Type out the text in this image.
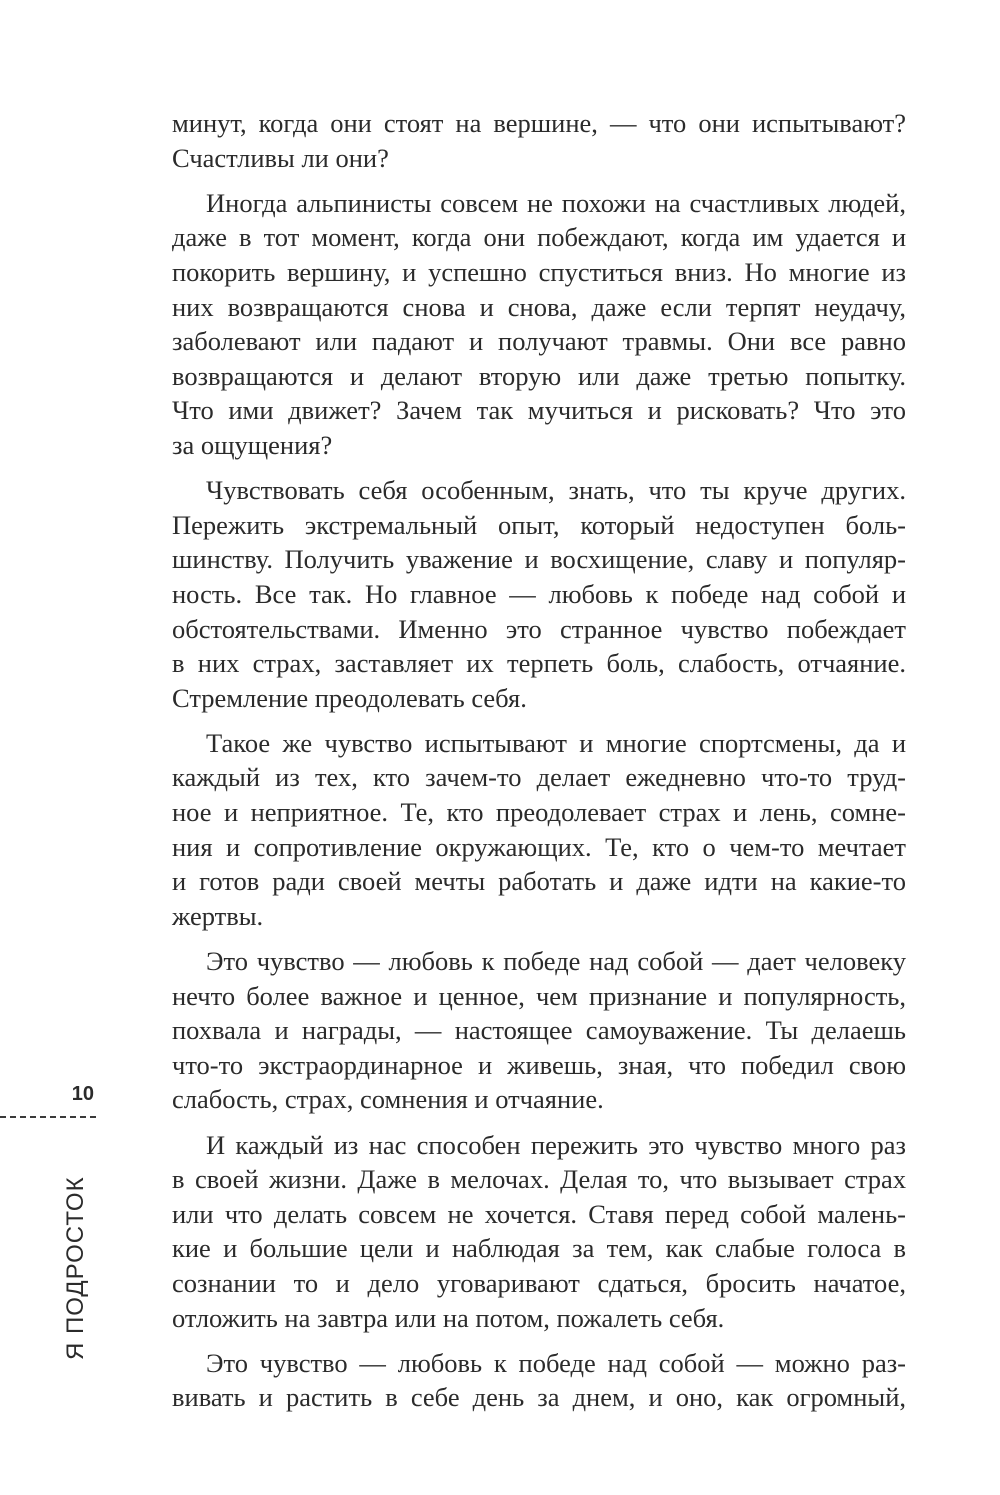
минут, когда они стоят на вершине, — что они испытывают?
Счастливы ли они?
Иногда альпинисты совсем не похожи на счастливых людей,
даже в тот момент, когда они побеждают, когда им удается и
покорить вершину, и успешно спуститься вниз. Но многие из
них возвращаются снова и снова, даже если терпят неудачу,
заболевают или падают и получают травмы. Они все равно
возвращаются и делают вторую или даже третью попытку.
Что ими движет? Зачем так мучиться и рисковать? Что это
за ощущения?
Чувствовать себя особенным, знать, что ты круче других.
Пережить экстремальный опыт, который недоступен боль-
шинству. Получить уважение и восхищение, славу и популяр-
ность. Все так. Но главное — любовь к победе над собой и
обстоятельствами. Именно это странное чувство побеждает
в них страх, заставляет их терпеть боль, слабость, отчаяние.
Стремление преодолевать себя.
Такое же чувство испытывают и многие спортсмены, да и
каждый из тех, кто зачем-то делает ежедневно что-то труд-
ное и неприятное. Те, кто преодолевает страх и лень, сомне-
ния и сопротивление окружающих. Те, кто о чем-то мечтает
и готов ради своей мечты работать и даже идти на какие-то
жертвы.
Это чувство — любовь к победе над собой — дает человеку
нечто более важное и ценное, чем признание и популярность,
похвала и награды, — настоящее самоуважение. Ты делаешь
что-то экстраординарное и живешь, зная, что победил свою
слабость, страх, сомнения и отчаяние.
И каждый из нас способен пережить это чувство много раз
в своей жизни. Даже в мелочах. Делая то, что вызывает страх
или что делать совсем не хочется. Ставя перед собой малень-
кие и большие цели и наблюдая за тем, как слабые голоса в
сознании то и дело уговаривают сдаться, бросить начатое,
отложить на завтра или на потом, пожалеть себя.
Это чувство — любовь к победе над собой — можно раз-
вивать и растить в себе день за днем, и оно, как огромный,
10
Я ПОДРОСТОК
